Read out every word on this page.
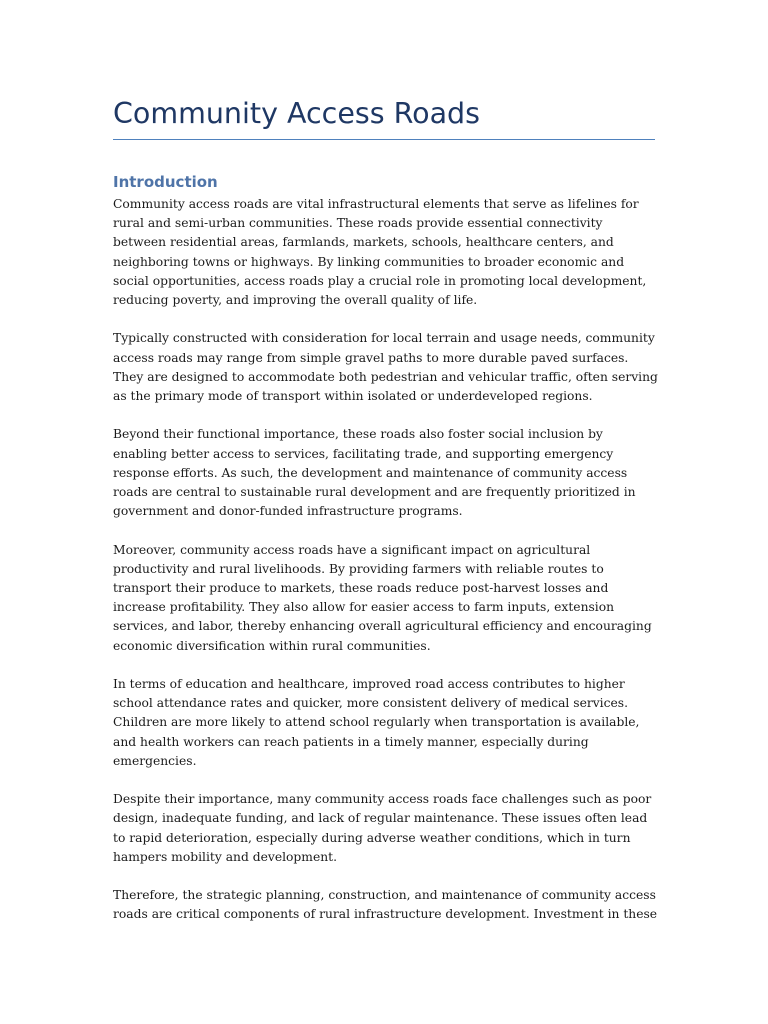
Community Access Roads
Introduction

Community access roads are vital infrastructural elements that serve as lifelines for rural and semi-urban communities. These roads provide essential connectivity between residential areas, farmlands, markets, schools, healthcare centers, and neighboring towns or highways. By linking communities to broader economic and social opportunities, access roads play a crucial role in promoting local development, reducing poverty, and improving the overall quality of life.

Typically constructed with consideration for local terrain and usage needs, community access roads may range from simple gravel paths to more durable paved surfaces. They are designed to accommodate both pedestrian and vehicular traffic, often serving as the primary mode of transport within isolated or underdeveloped regions.

Beyond their functional importance, these roads also foster social inclusion by enabling better access to services, facilitating trade, and supporting emergency response efforts. As such, the development and maintenance of community access roads are central to sustainable rural development and are frequently prioritized in government and donor-funded infrastructure programs.

Moreover, community access roads have a significant impact on agricultural productivity and rural livelihoods. By providing farmers with reliable routes to transport their produce to markets, these roads reduce post-harvest losses and increase profitability. They also allow for easier access to farm inputs, extension services, and labor, thereby enhancing overall agricultural efficiency and encouraging economic diversification within rural communities.

In terms of education and healthcare, improved road access contributes to higher school attendance rates and quicker, more consistent delivery of medical services. Children are more likely to attend school regularly when transportation is available, and health workers can reach patients in a timely manner, especially during emergencies.

Despite their importance, many community access roads face challenges such as poor design, inadequate funding, and lack of regular maintenance. These issues often lead to rapid deterioration, especially during adverse weather conditions, which in turn hampers mobility and development.

Therefore, the strategic planning, construction, and maintenance of community access roads are critical components of rural infrastructure development. Investment in these
